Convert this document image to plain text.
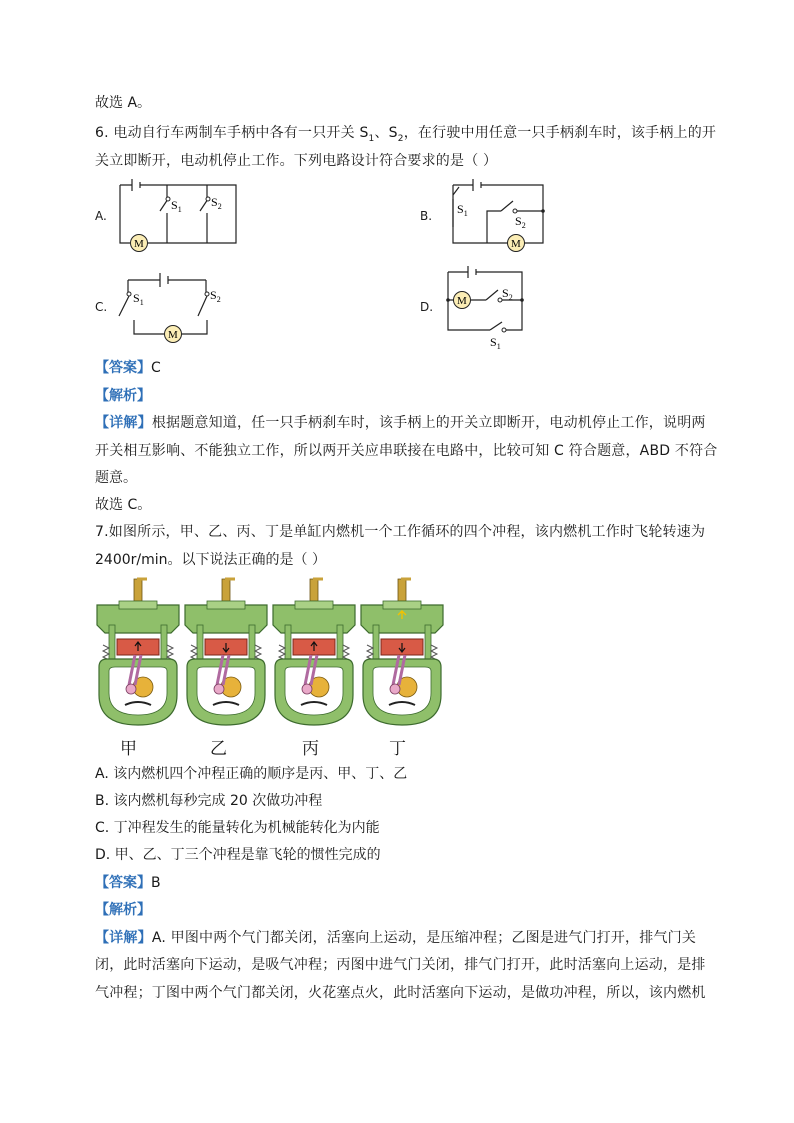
故选 A。
6. 电动自行车两制车手柄中各有一只开关 $S_1$、$S_2$，在行驶中用任意一只手柄刹车时，该手柄上的开
关立即断开，电动机停止工作。下列电路设计符合要求的是（ ）
A.	B.
C.	D.
M
$S_1$
$S_2$
M
$S_1$
$S_2$
M
$S_1$
$S_2$	M
$S_2$
$S_1$
【答案】C
【解析】
【详解】根据题意知道，任一只手柄刹车时，该手柄上的开关立即断开，电动机停止工作，说明两
开关相互影响、不能独立工作，所以两开关应串联接在电路中，比较可知 C 符合题意，ABD 不符合
题意。
故选 C。
7.如图所示，甲、乙、丙、丁是单缸内燃机一个工作循环的四个冲程，该内燃机工作时飞轮转速为
2400r/min。以下说法正确的是（ ）
甲	乙	丙	丁
A. 该内燃机四个冲程正确的顺序是丙、甲、丁、乙
B. 该内燃机每秒完成 20 次做功冲程
C. 丁冲程发生的能量转化为机械能转化为内能
D. 甲、乙、丁三个冲程是靠飞轮的惯性完成的
【答案】B
【解析】
【详解】A. 甲图中两个气门都关闭，活塞向上运动，是压缩冲程；乙图是进气门打开，排气门关
闭，此时活塞向下运动，是吸气冲程；丙图中进气门关闭，排气门打开，此时活塞向上运动，是排
气冲程；丁图中两个气门都关闭，火花塞点火，此时活塞向下运动，是做功冲程，所以，该内燃机
